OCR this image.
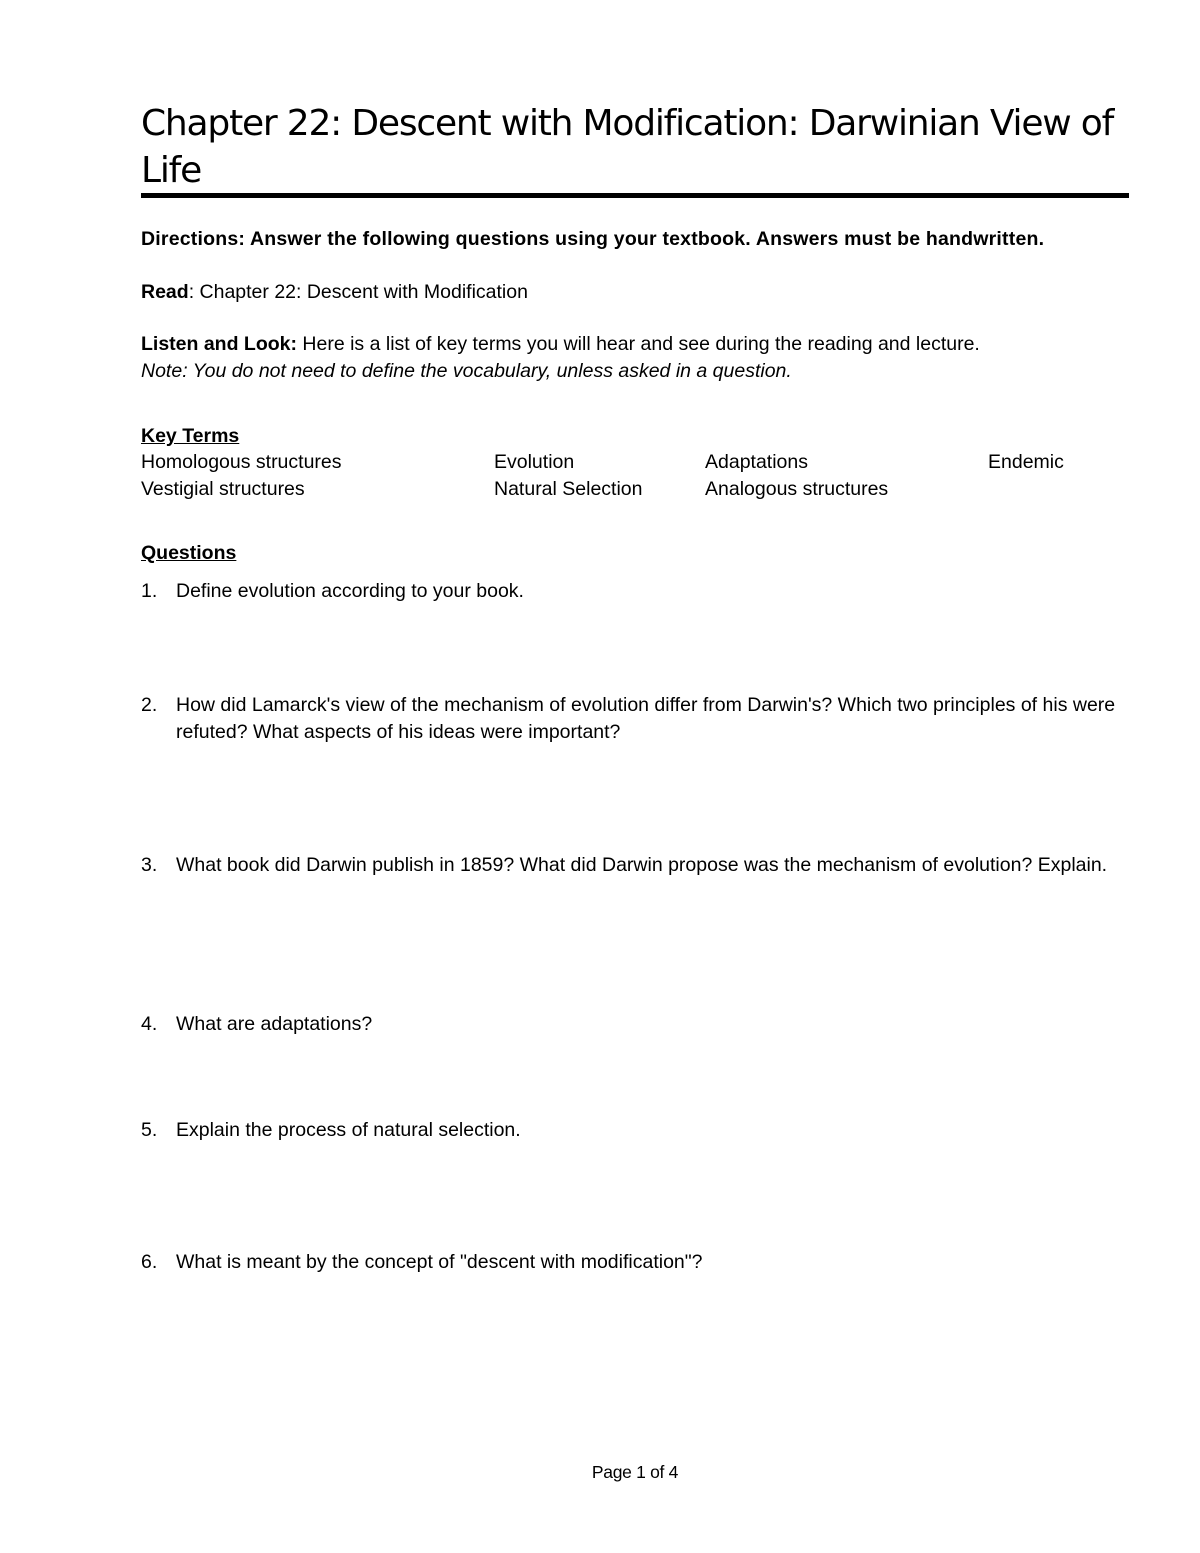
Chapter 22: Descent with Modification: Darwinian View of Life
Directions: Answer the following questions using your textbook. Answers must be handwritten.
Read: Chapter 22: Descent with Modification
Listen and Look: Here is a list of key terms you will hear and see during the reading and lecture.
Note: You do not need to define the vocabulary, unless asked in a question.
Key Terms
Homologous structures	Evolution	Adaptations	Endemic
Vestigial structures	Natural Selection	Analogous structures
Questions
1. Define evolution according to your book.
2. How did Lamarck's view of the mechanism of evolution differ from Darwin's? Which two principles of his were refuted? What aspects of his ideas were important?
3. What book did Darwin publish in 1859? What did Darwin propose was the mechanism of evolution? Explain.
4. What are adaptations?
5. Explain the process of natural selection.
6. What is meant by the concept of "descent with modification"?
Page 1 of 4
